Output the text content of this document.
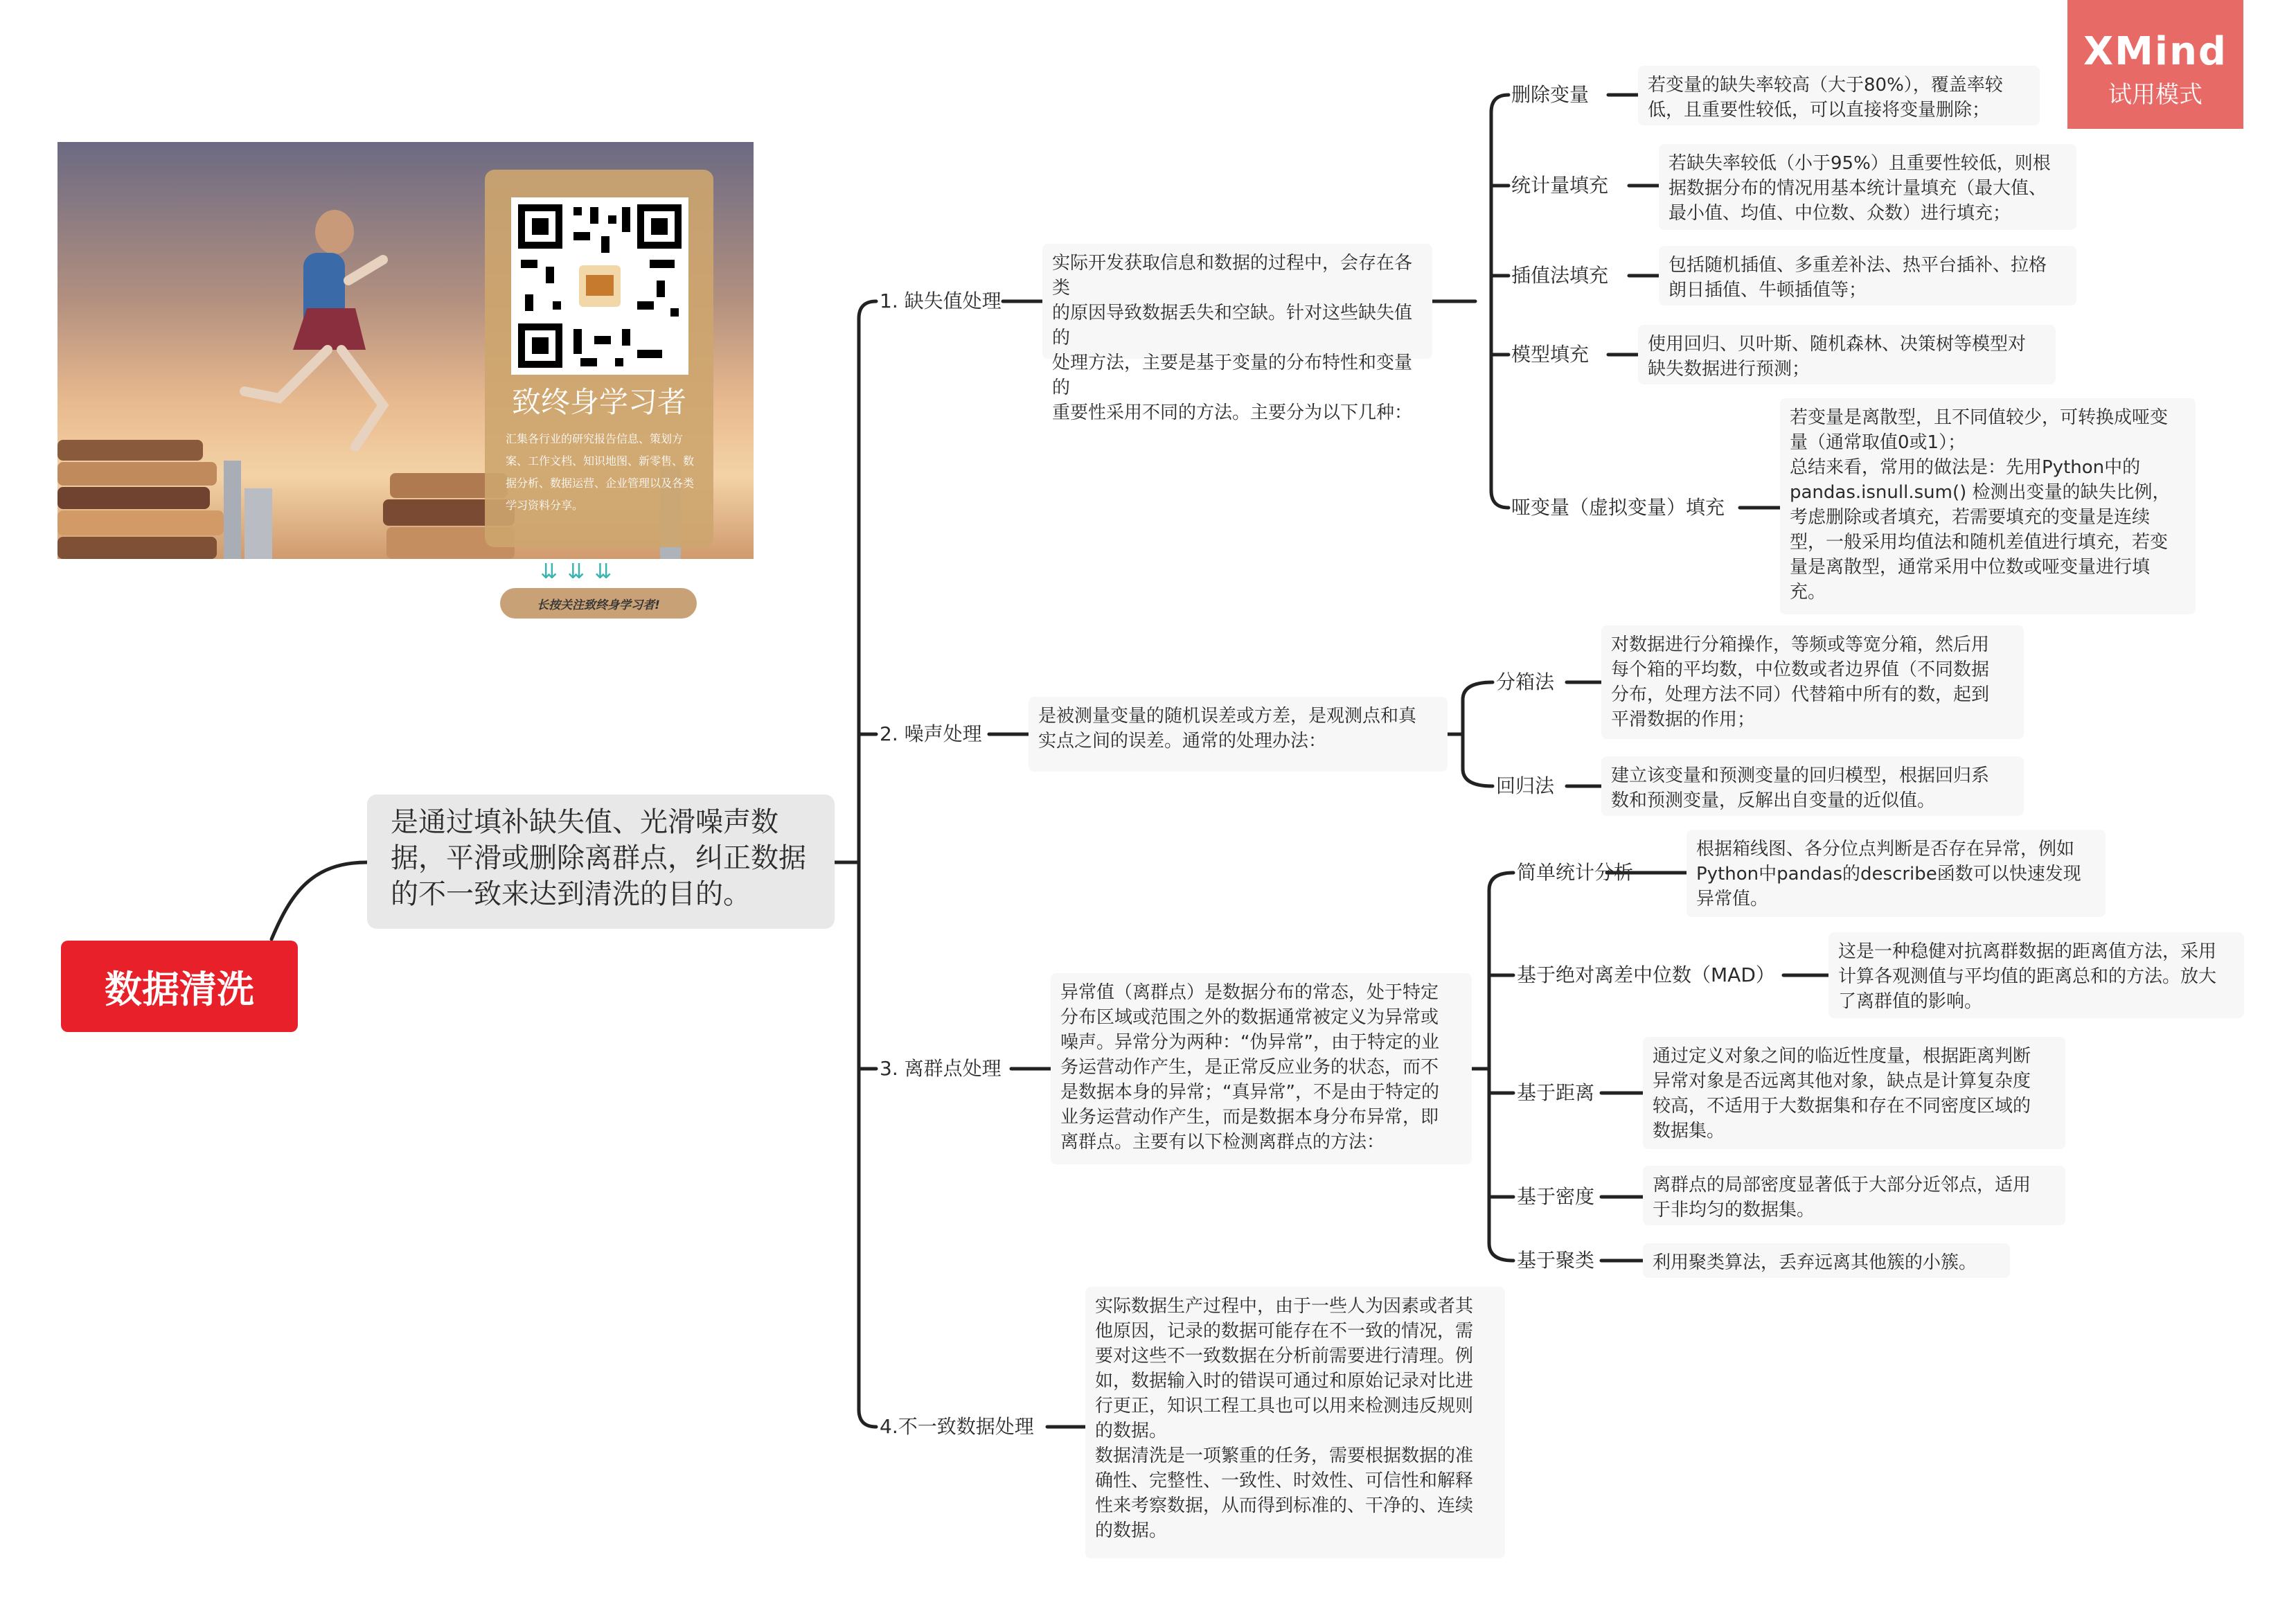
XMind
试用模式
致终身学习者
汇集各行业的研究报告信息、策划方案、工作文档、知识地图、新零售、数据分析、数据运营、企业管理以及各类学习资料分享。
⇊⇊⇊
长按关注致终身学习者!
数据清洗
是通过填补缺失值、光滑噪声数
据，平滑或删除离群点，纠正数据
的不一致来达到清洗的目的。
1. 缺失值处理
2. 噪声处理
3. 离群点处理
4.不一致数据处理
实际开发获取信息和数据的过程中，会存在各类
的原因导致数据丢失和空缺。针对这些缺失值的
处理方法，主要是基于变量的分布特性和变量的
重要性采用不同的方法。主要分为以下几种：
是被测量变量的随机误差或方差，是观测点和真
实点之间的误差。通常的处理办法：
异常值（离群点）是数据分布的常态，处于特定
分布区域或范围之外的数据通常被定义为异常或
噪声。异常分为两种：“伪异常”，由于特定的业
务运营动作产生，是正常反应业务的状态，而不
是数据本身的异常；“真异常”，不是由于特定的
业务运营动作产生，而是数据本身分布异常，即
离群点。主要有以下检测离群点的方法：
实际数据生产过程中，由于一些人为因素或者其
他原因，记录的数据可能存在不一致的情况，需
要对这些不一致数据在分析前需要进行清理。例
如，数据输入时的错误可通过和原始记录对比进
行更正，知识工程工具也可以用来检测违反规则
的数据。
数据清洗是一项繁重的任务，需要根据数据的准
确性、完整性、一致性、时效性、可信性和解释
性来考察数据，从而得到标准的、干净的、连续
的数据。
删除变量	若变量的缺失率较高（大于80%），覆盖率较
低，且重要性较低，可以直接将变量删除；
统计量填充
若缺失率较低（小于95%）且重要性较低，则根
据数据分布的情况用基本统计量填充（最大值、
最小值、均值、中位数、众数）进行填充；
插值法填充	包括随机插值、多重差补法、热平台插补、拉格
朗日插值、牛顿插值等；
模型填充	使用回归、贝叶斯、随机森林、决策树等模型对
缺失数据进行预测；
哑变量（虚拟变量）填充
若变量是离散型，且不同值较少，可转换成哑变
量（通常取值0或1）；
总结来看，常用的做法是：先用Python中的
pandas.isnull.sum() 检测出变量的缺失比例，
考虑删除或者填充，若需要填充的变量是连续
型，一般采用均值法和随机差值进行填充，若变
量是离散型，通常采用中位数或哑变量进行填
充。
分箱法
对数据进行分箱操作，等频或等宽分箱，然后用
每个箱的平均数，中位数或者边界值（不同数据
分布，处理方法不同）代替箱中所有的数，起到
平滑数据的作用；
回归法	建立该变量和预测变量的回归模型，根据回归系
数和预测变量，反解出自变量的近似值。
简单统计分析
根据箱线图、各分位点判断是否存在异常，例如
Python中pandas的describe函数可以快速发现
异常值。
基于绝对离差中位数（MAD）
这是一种稳健对抗离群数据的距离值方法，采用
计算各观测值与平均值的距离总和的方法。放大
了离群值的影响。
基于距离
通过定义对象之间的临近性度量，根据距离判断
异常对象是否远离其他对象，缺点是计算复杂度
较高，不适用于大数据集和存在不同密度区域的
数据集。
基于密度	离群点的局部密度显著低于大部分近邻点，适用
于非均匀的数据集。
基于聚类	利用聚类算法，丢弃远离其他簇的小簇。
